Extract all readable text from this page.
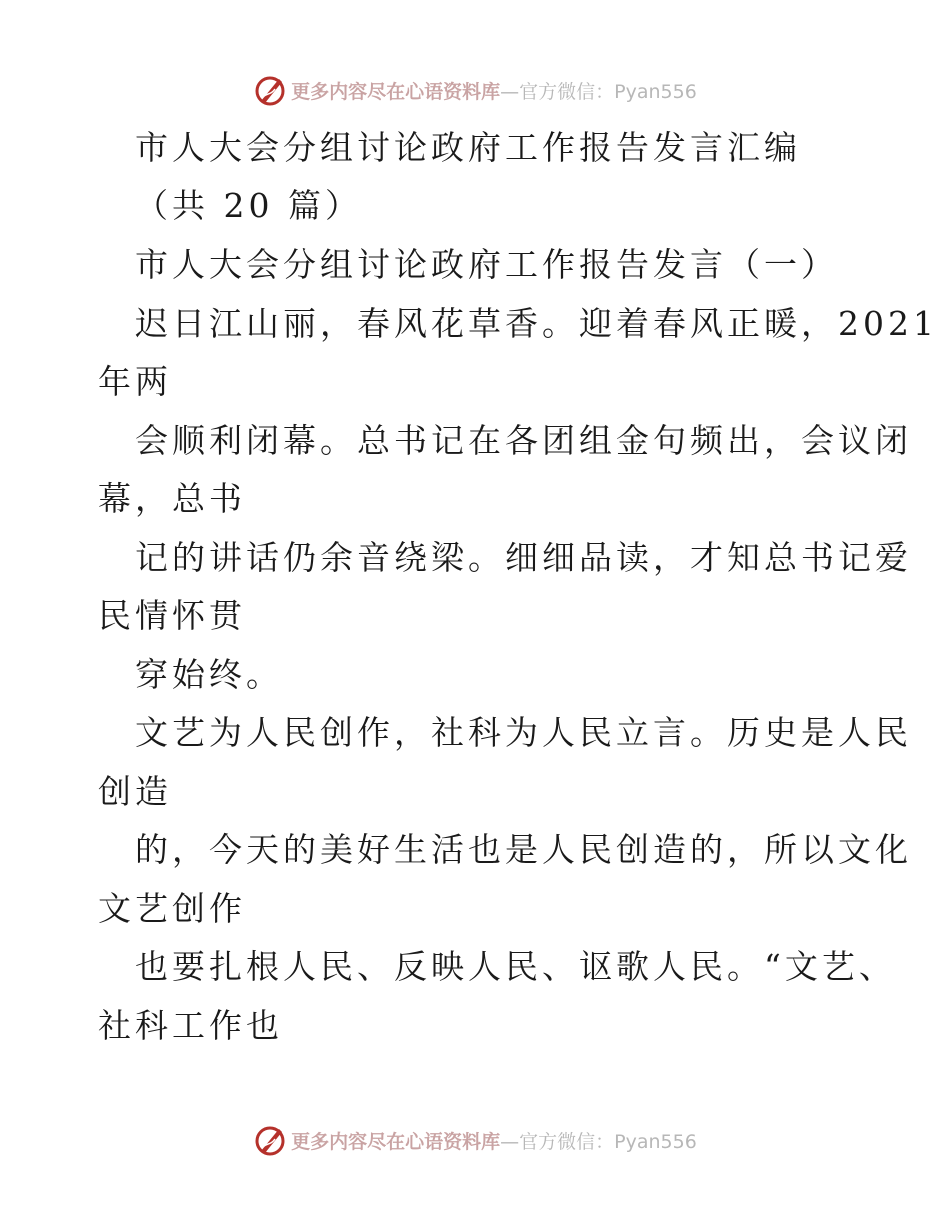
更多内容尽在心语资料库 —官方微信：Pyan556
市人大会分组讨论政府工作报告发言汇编
（共 20 篇）
市人大会分组讨论政府工作报告发言（一）
迟日江山丽，春风花草香。迎着春风正暖，2021
年两
会顺利闭幕。总书记在各团组金句频出，会议闭
幕，总书
记的讲话仍余音绕梁。细细品读，才知总书记爱
民情怀贯
穿始终。
文艺为人民创作，社科为人民立言。历史是人民
创造
的，今天的美好生活也是人民创造的，所以文化
文艺创作
也要扎根人民、反映人民、讴歌人民。“文艺、
社科工作也
更多内容尽在心语资料库 —官方微信：Pyan556
